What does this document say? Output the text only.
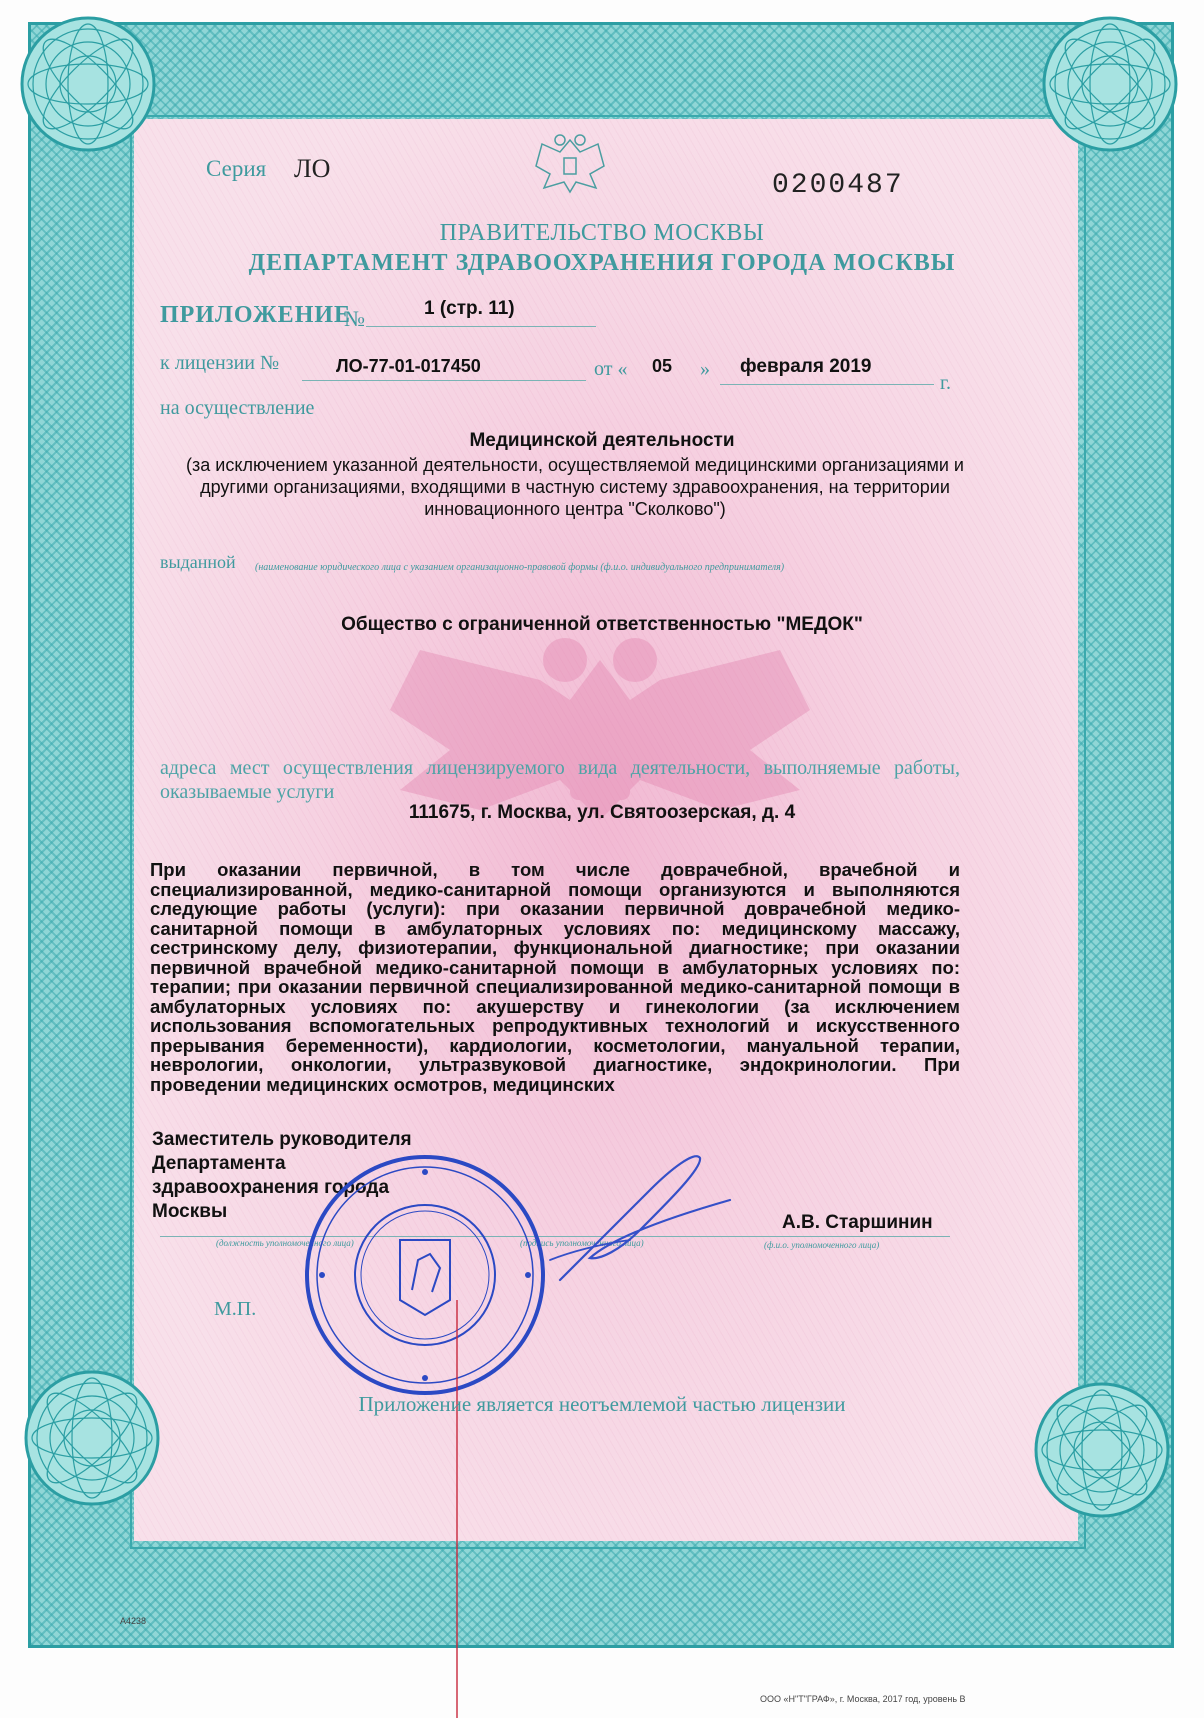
Серия ЛО
0200487
ПРАВИТЕЛЬСТВО МОСКВЫ
ДЕПАРТАМЕНТ ЗДРАВООХРАНЕНИЯ ГОРОДА МОСКВЫ
ПРИЛОЖЕНИЕ
№	1 (стр. 11)
к лицензии №	ЛО-77-01-017450	от « 05 » февраля 2019
г.
на осуществление
Медицинской деятельности
(за исключением указанной деятельности, осуществляемой медицинскими организациями и другими организациями, входящими в частную систему здравоохранения, на территории инновационного центра "Сколково")
выданной (наименование юридического лица с указанием организационно-правовой формы (ф.и.о. индивидуального предпринимателя)
Общество с ограниченной ответственностью "МЕДОК"
адреса мест осуществления лицензируемого вида деятельности, выполняемые работы, оказываемые услуги
111675, г. Москва, ул. Святоозерская, д. 4
При оказании первичной, в том числе доврачебной, врачебной и специализированной, медико-санитарной помощи организуются и выполняются следующие работы (услуги): при оказании первичной доврачебной медико-санитарной помощи в амбулаторных условиях по: медицинскому массажу, сестринскому делу, физиотерапии, функциональной диагностике; при оказании первичной врачебной медико-санитарной помощи в амбулаторных условиях по: терапии; при оказании первичной специализированной медико-санитарной помощи в амбулаторных условиях по: акушерству и гинекологии (за исключением использования вспомогательных репродуктивных технологий и искусственного прерывания беременности), кардиологии, косметологии, мануальной терапии, неврологии, онкологии, ультразвуковой диагностике, эндокринологии. При проведении медицинских осмотров, медицинских
Заместитель руководителя Департамента здравоохранения города Москвы
А.В. Старшинин
(должность уполномоченного лица)	(подпись уполномоченного лица)	(ф.и.о. уполномоченного лица)
М.П.
Приложение является неотъемлемой частью лицензии
А4238
ООО «Н"Т"ГРАФ», г. Москва, 2017 год, уровень В
